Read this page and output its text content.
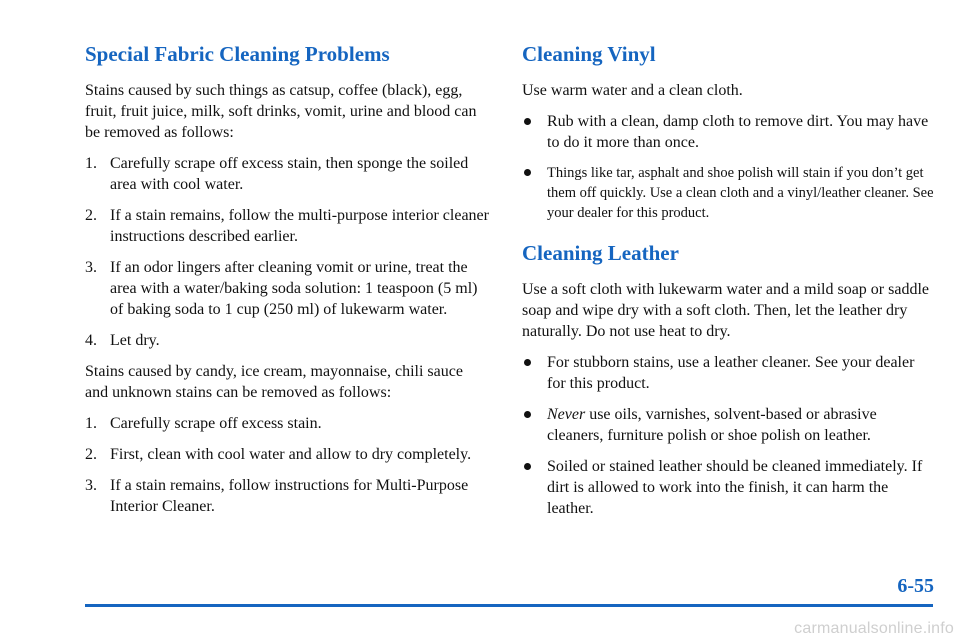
Special Fabric Cleaning Problems

Stains caused by such things as catsup, coffee (black), egg, fruit, fruit juice, milk, soft drinks, vomit, urine and blood can be removed as follows:

1. Carefully scrape off excess stain, then sponge the soiled area with cool water.
2. If a stain remains, follow the multi-purpose interior cleaner instructions described earlier.
3. If an odor lingers after cleaning vomit or urine, treat the area with a water/baking soda solution: 1 teaspoon (5 ml) of baking soda to 1 cup (250 ml) of lukewarm water.
4. Let dry.

Stains caused by candy, ice cream, mayonnaise, chili sauce and unknown stains can be removed as follows:

1. Carefully scrape off excess stain.
2. First, clean with cool water and allow to dry completely.
3. If a stain remains, follow instructions for Multi-Purpose Interior Cleaner.
Cleaning Vinyl

Use warm water and a clean cloth.

Rub with a clean, damp cloth to remove dirt. You may have to do it more than once.
Things like tar, asphalt and shoe polish will stain if you don’t get them off quickly. Use a clean cloth and a vinyl/leather cleaner. See your dealer for this product.
Cleaning Leather

Use a soft cloth with lukewarm water and a mild soap or saddle soap and wipe dry with a soft cloth. Then, let the leather dry naturally. Do not use heat to dry.

For stubborn stains, use a leather cleaner. See your dealer for this product.
Never use oils, varnishes, solvent-based or abrasive cleaners, furniture polish or shoe polish on leather.
Soiled or stained leather should be cleaned immediately. If dirt is allowed to work into the finish, it can harm the leather.
6-55
carmanualsonline.info
